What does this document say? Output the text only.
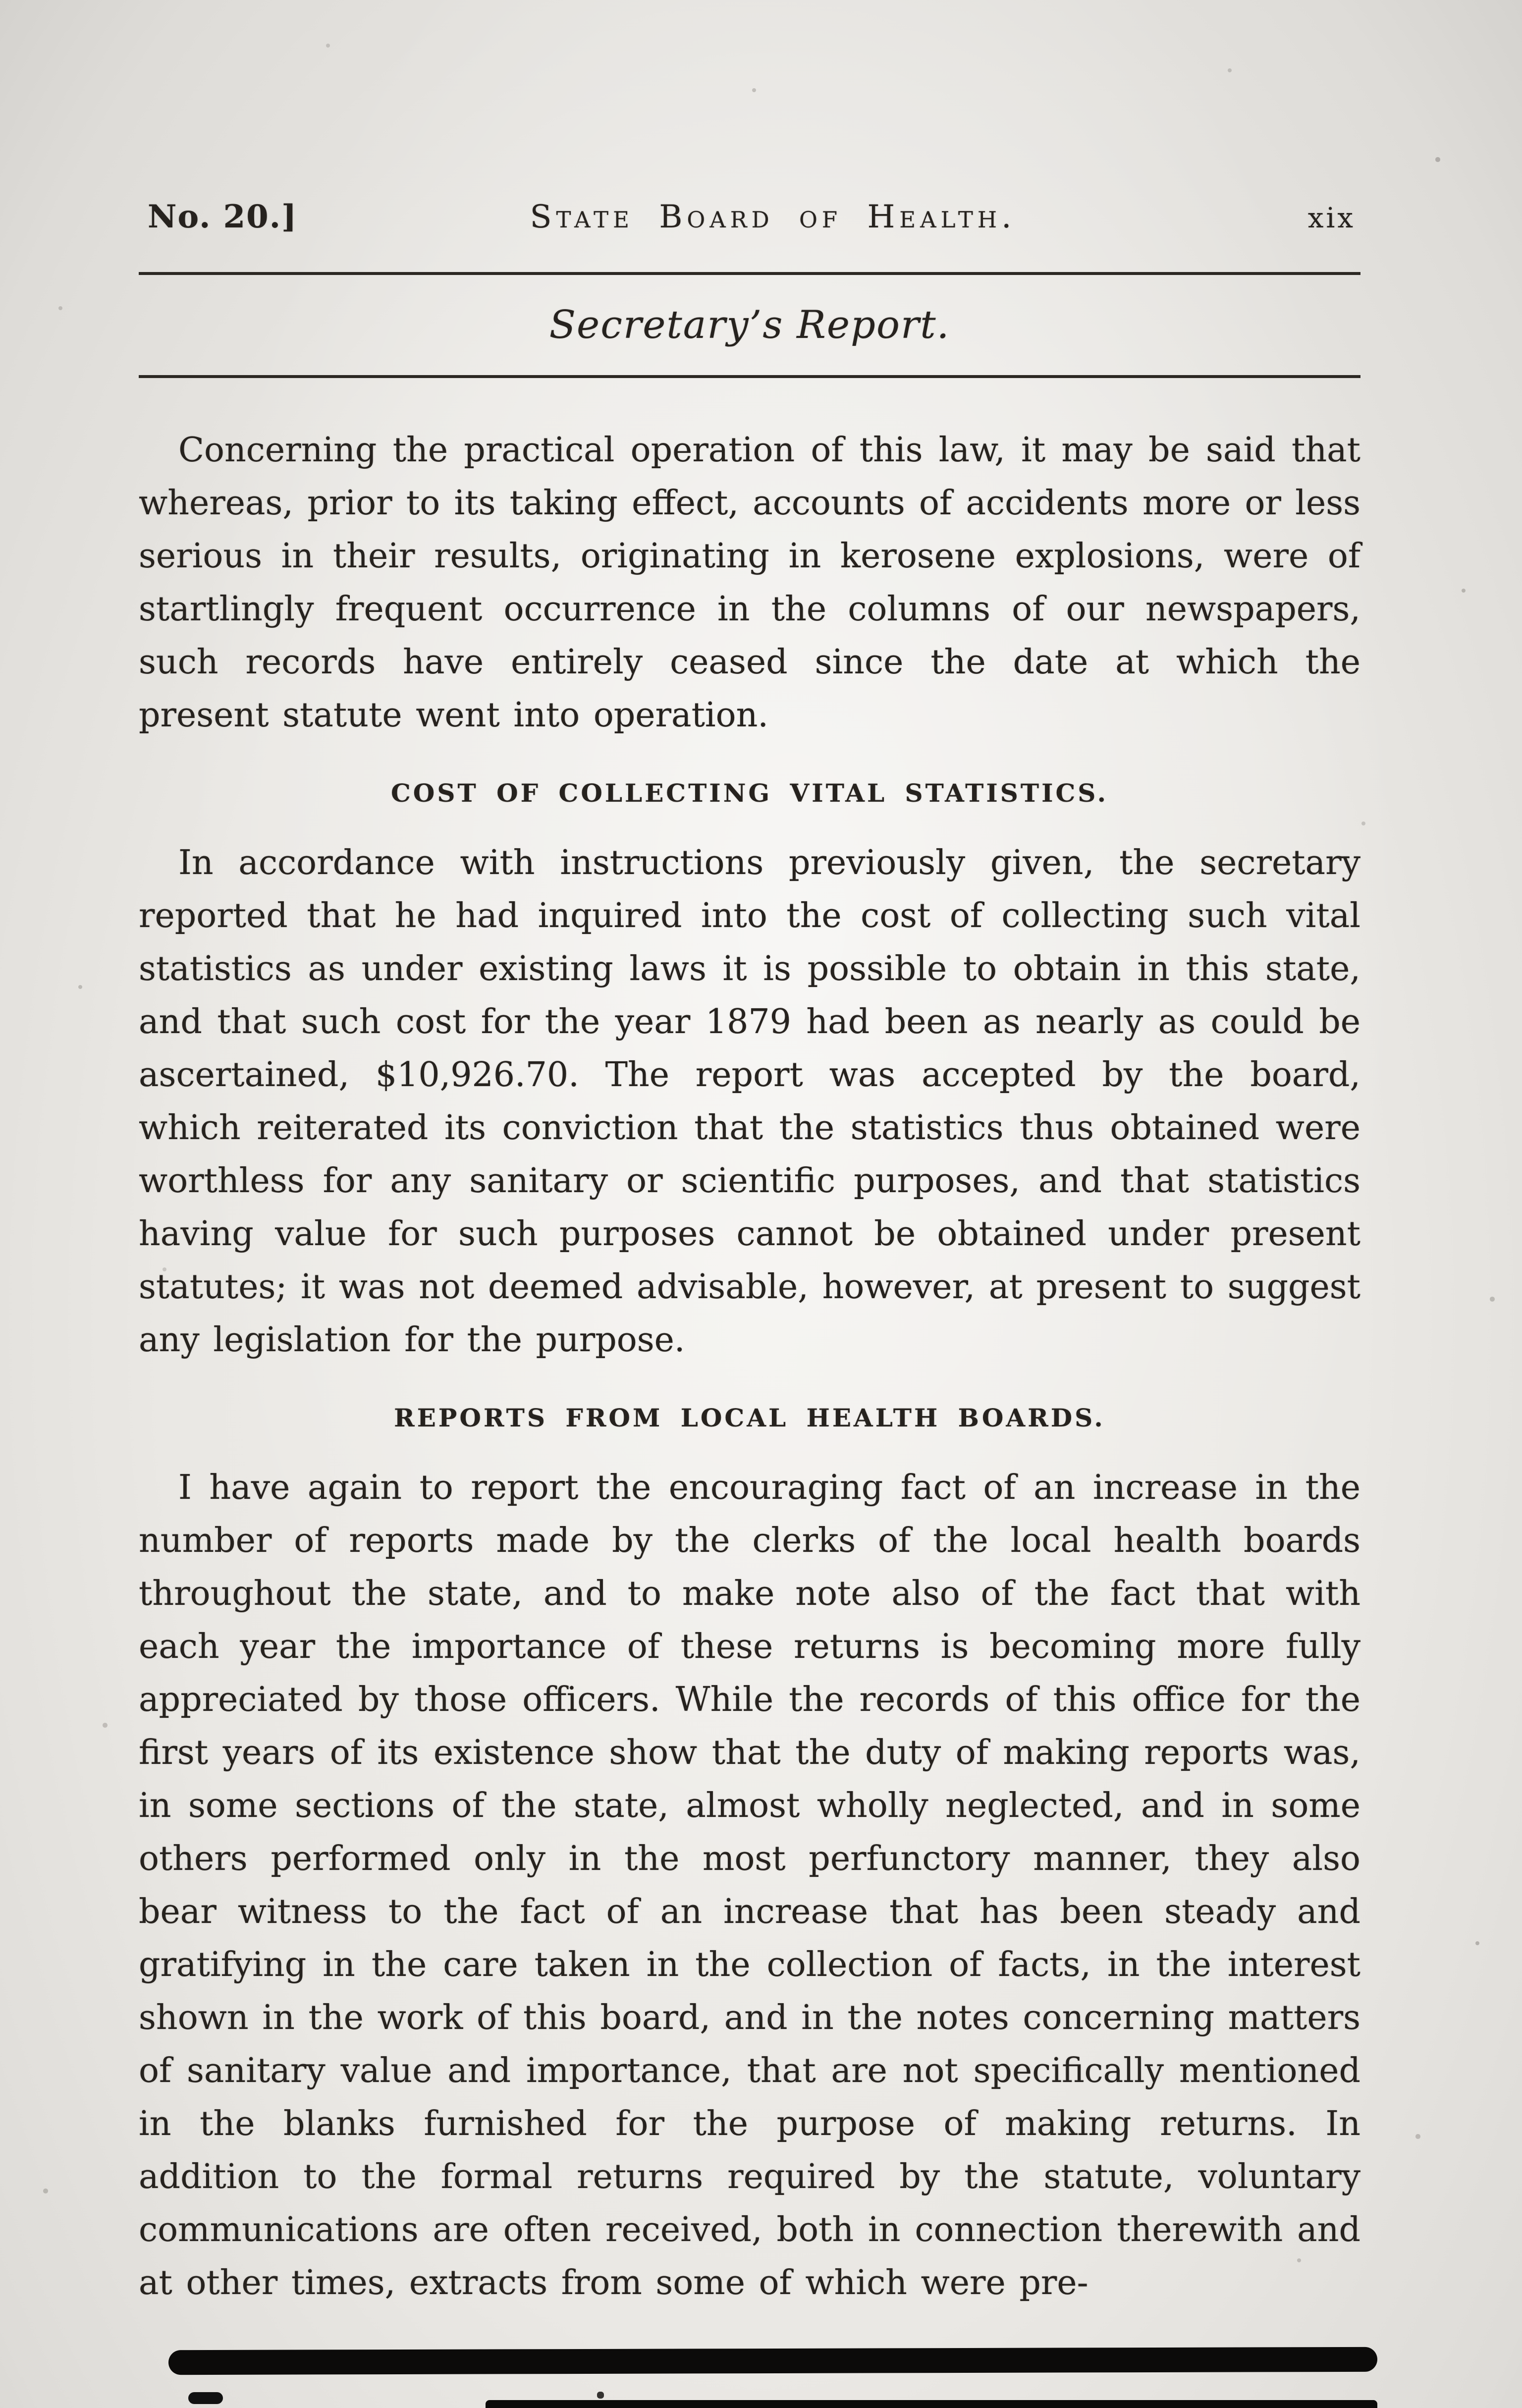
No. 20.]	State Board of Health.	xix
Secretary’s Report.

Concerning the practical operation of this law, it may be said that whereas, prior to its taking effect, accounts of accidents more or less serious in their results, originating in kerosene explosions, were of startlingly frequent occurrence in the columns of our newspapers, such records have entirely ceased since the date at which the present statute went into operation.

COST OF COLLECTING VITAL STATISTICS.

In accordance with instructions previously given, the secretary reported that he had inquired into the cost of collecting such vital statistics as under existing laws it is possible to obtain in this state, and that such cost for the year 1879 had been as nearly as could be ascertained, $10,926.70. The report was accepted by the board, which reiterated its conviction that the statistics thus obtained were worthless for any sanitary or scientific purposes, and that statistics having value for such purposes cannot be obtained under present statutes; it was not deemed advisable, however, at present to suggest any legislation for the purpose.

REPORTS FROM LOCAL HEALTH BOARDS.

I have again to report the encouraging fact of an increase in the number of reports made by the clerks of the local health boards throughout the state, and to make note also of the fact that with each year the importance of these returns is becoming more fully appreciated by those officers. While the records of this office for the first years of its existence show that the duty of making reports was, in some sections of the state, almost wholly neglected, and in some others performed only in the most perfunctory manner, they also bear witness to the fact of an increase that has been steady and gratifying in the care taken in the collection of facts, in the interest shown in the work of this board, and in the notes concerning matters of sanitary value and importance, that are not specifically mentioned in the blanks furnished for the purpose of making returns. In addition to the formal returns required by the statute, voluntary communications are often received, both in connection therewith and at other times, extracts from some of which were pre-
